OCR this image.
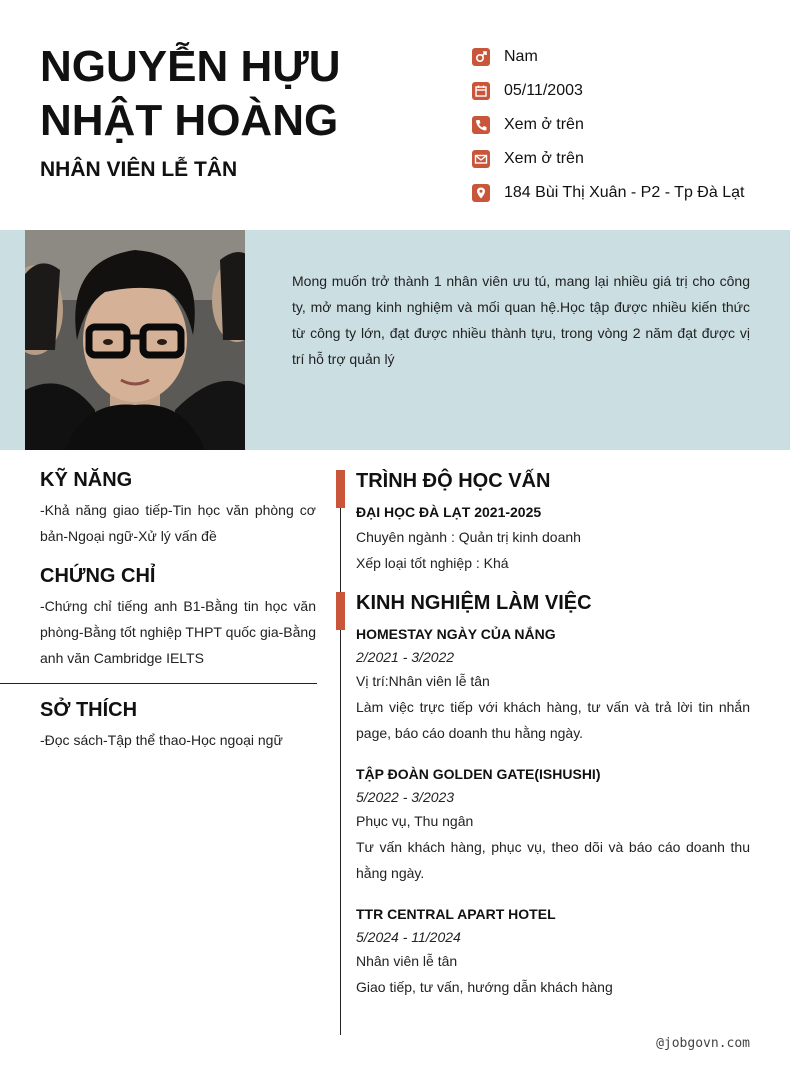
NGUYỄN HỰU
NHẬT HOÀNG
NHÂN VIÊN LỄ TÂN
Nam
05/11/2003
Xem ở trên
Xem ở trên
184 Bùi Thị Xuân - P2 - Tp Đà Lạt

Mong muốn trở thành 1 nhân viên ưu tú, mang lại nhiều giá trị cho công ty, mở mang kinh nghiệm và mối quan hệ.Học tập được nhiều kiến thức từ công ty lớn, đạt được nhiều thành tựu, trong vòng 2 năm đạt được vị trí hỗ trợ quản lý

KỸ NĂNG

-Khả năng giao tiếp-Tin học văn phòng cơ bản-Ngoại ngữ-Xử lý vấn đề

CHỨNG CHỈ

-Chứng chỉ tiếng anh B1-Bằng tin học văn phòng-Bằng tốt nghiệp THPT quốc gia-Bằng anh văn Cambridge IELTS

SỞ THÍCH

-Đọc sách-Tập thể thao-Học ngoại ngữ

TRÌNH ĐỘ HỌC VẤN

ĐẠI HỌC ĐÀ LẠT 2021-2025

Chuyên ngành : Quản trị kinh doanh

Xếp loại tốt nghiệp : Khá

KINH NGHIỆM LÀM VIỆC

HOMESTAY NGÀY CỦA NẮNG

2/2021 - 3/2022

Vị trí:Nhân viên lễ tân

Làm việc trực tiếp với khách hàng, tư vấn và trả lời tin nhắn page, báo cáo doanh thu hằng ngày.

TẬP ĐOÀN GOLDEN GATE(ISHUSHI)

5/2022 - 3/2023

Phục vụ, Thu ngân

Tư vấn khách hàng, phục vụ, theo dõi và báo cáo doanh thu hằng ngày.

TTR CENTRAL APART HOTEL

5/2024 - 11/2024

Nhân viên lễ tân

Giao tiếp, tư vấn, hướng dẫn khách hàng

@jobgovn.com
